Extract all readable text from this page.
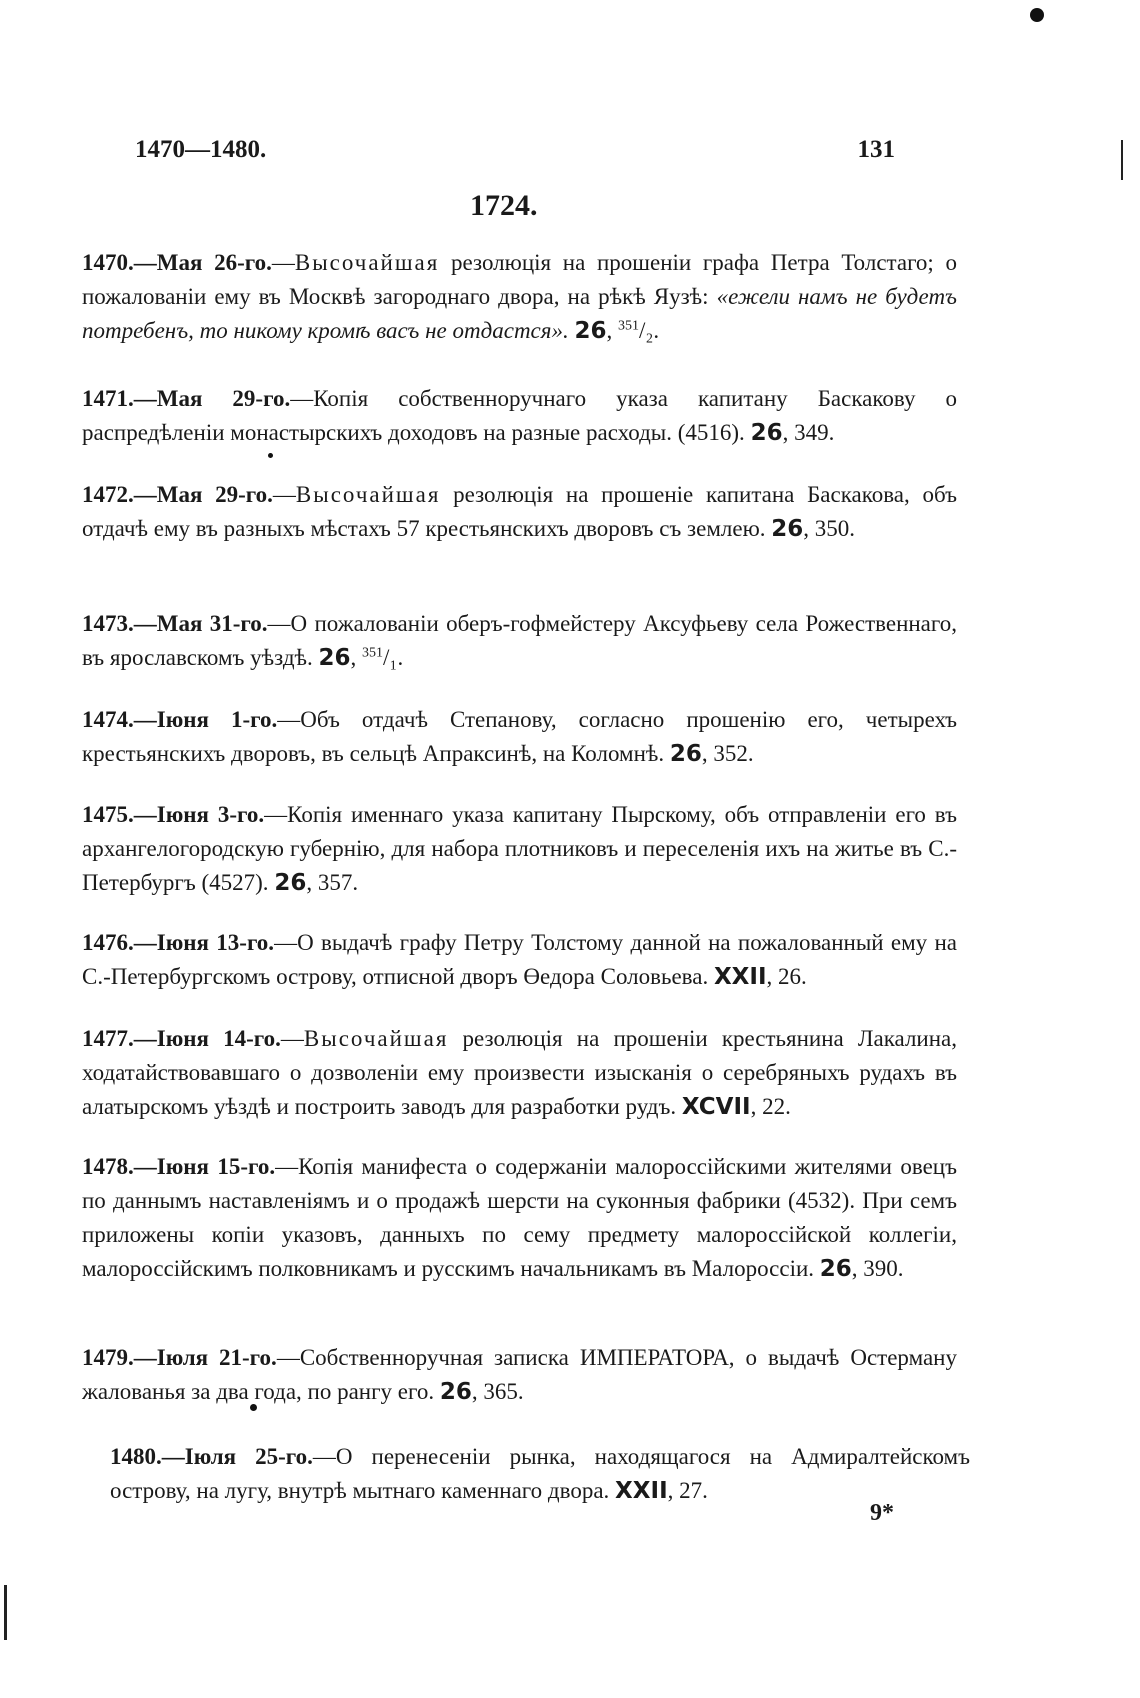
1470—1480.	131
1724.
1470.—Мая 26-го.—Высочайшая резолюція на прошеніи графа Петра Толстаго; о пожалованіи ему въ Москвѣ загороднаго двора, на рѣкѣ Яузѣ: «ежели намъ не будетъ потребенъ, то никому кромѣ васъ не отдастся». 26, $^{351}$/₂.
1471.—Мая 29-го.—Копія собственноручнаго указа капитану Баскакову о распредѣленіи монастырскихъ доходовъ на разные расходы. (4516). 26, 349.
1472.—Мая 29-го.—Высочайшая резолюція на прошеніе капитана Баскакова, объ отдачѣ ему въ разныхъ мѣстахъ 57 крестьянскихъ дворовъ съ землею. 26, 350.
1473.—Мая 31-го.—О пожалованіи оберъ-гофмейстеру Аксуфьеву села Рожественнаго, въ ярославскомъ уѣздѣ. 26, $^{351}$/₁.
1474.—Іюня 1-го.—Объ отдачѣ Степанову, согласно прошенію его, четырехъ крестьянскихъ дворовъ, въ сельцѣ Апраксинѣ, на Коломнѣ. 26, 352.
1475.—Іюня 3-го.—Копія именнаго указа капитану Пырскому, объ отправленіи его въ архангелогородскую губернію, для набора плотниковъ и переселенія ихъ на житье въ С.-Петербургъ (4527). 26, 357.
1476.—Іюня 13-го.—О выдачѣ графу Петру Толстому данной на пожалованный ему на С.-Петербургскомъ острову, отписной дворъ Өедора Соловьева. XXII, 26.
1477.—Іюня 14-го.—Высочайшая резолюція на прошеніи крестьянина Лакалина, ходатайствовавшаго о дозволеніи ему произвести изысканія о серебряныхъ рудахъ въ алатырскомъ уѣздѣ и построить заводъ для разработки рудъ. XCVII, 22.
1478.—Іюня 15-го.—Копія манифеста о содержаніи малороссійскими жителями овецъ по даннымъ наставленіямъ и о продажѣ шерсти на суконныя фабрики (4532). При семъ приложены копіи указовъ, данныхъ по сему предмету малороссійской коллегіи, малороссійскимъ полковникамъ и русскимъ начальникамъ въ Малороссіи. 26, 390.
1479.—Іюля 21-го.—Собственноручная записка ИМПЕРАТОРА, о выдачѣ Остерману жалованья за два года, по рангу его. 26, 365.
1480.—Іюля 25-го.—О перенесеніи рынка, находящагося на Адмиралтейскомъ острову, на лугу, внутрѣ мытнаго каменнаго двора. XXII, 27.
9*
